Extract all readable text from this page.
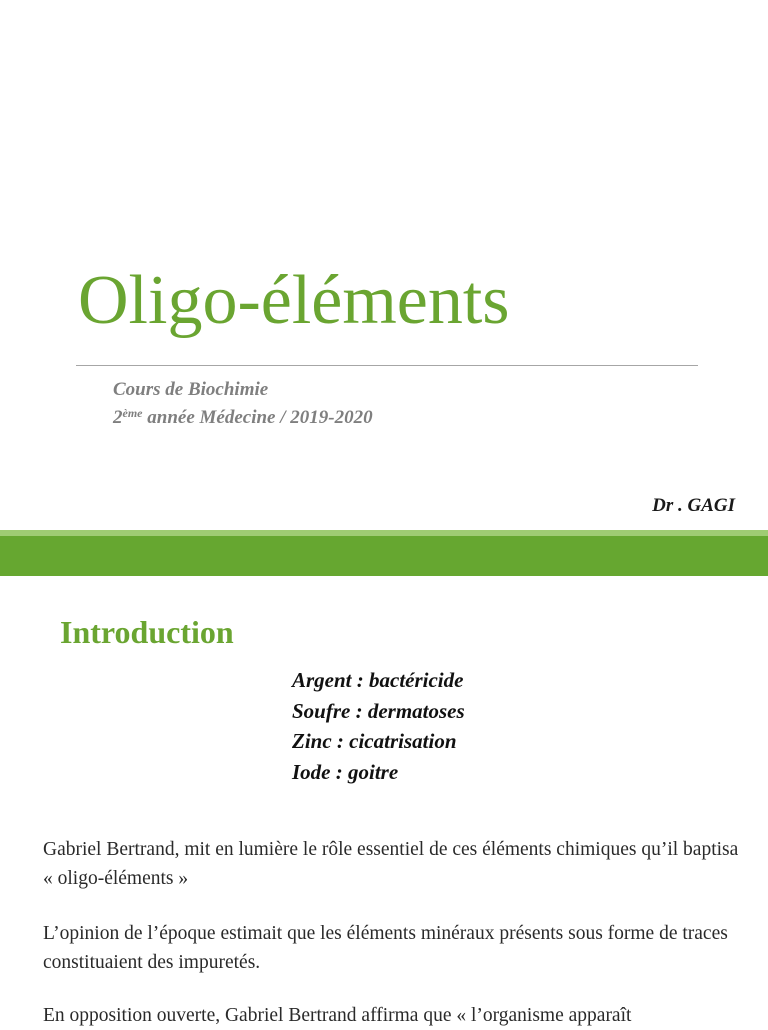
Oligo-éléments
Cours de Biochimie
2ème année Médecine / 2019-2020
Dr . GAGI
Introduction
Argent : bactéricide
Soufre : dermatoses
Zinc : cicatrisation
Iode : goitre

Gabriel Bertrand, mit en lumière le rôle essentiel de ces éléments chimiques qu’il baptisa « oligo-éléments »

L’opinion de l’époque estimait que les éléments minéraux présents sous forme de traces constituaient des impuretés.

En opposition ouverte, Gabriel Bertrand affirma que « l’organisme apparaît
